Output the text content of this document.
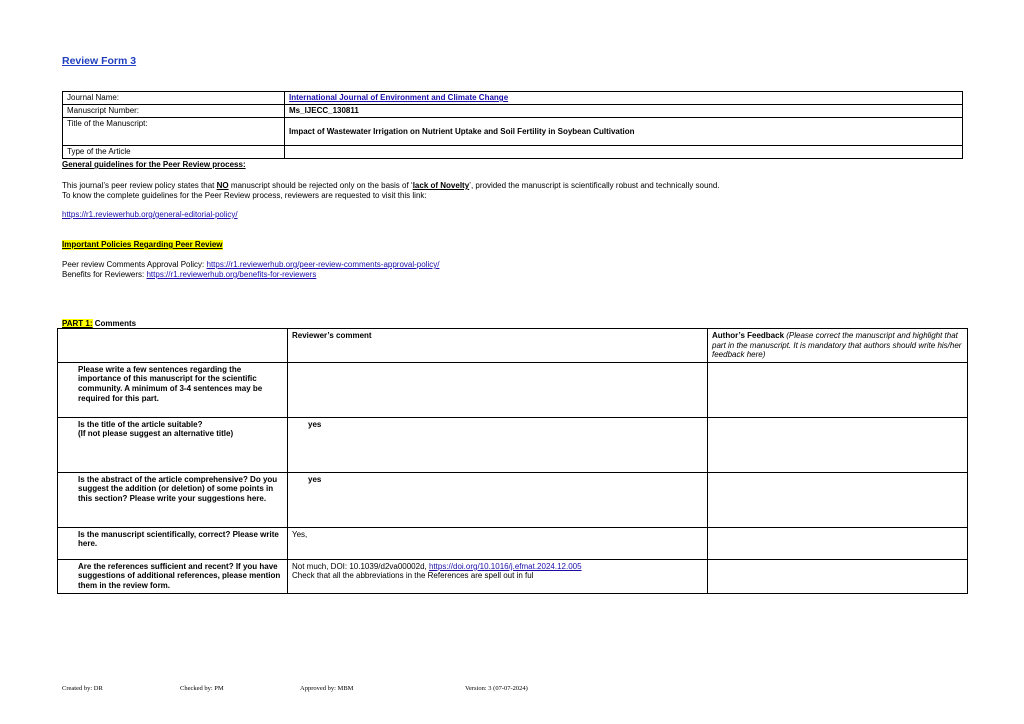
Review Form 3
Journal Name:	International Journal of Environment and Climate Change
Manuscript Number:	Ms_IJECC_130811
Title of the Manuscript:	Impact of Wastewater Irrigation on Nutrient Uptake and Soil Fertility in Soybean Cultivation
Type of the Article	
General guidelines for the Peer Review process:
This journal’s peer review policy states that NO manuscript should be rejected only on the basis of ‘lack of Novelty’, provided the manuscript is scientifically robust and technically sound.
To know the complete guidelines for the Peer Review process, reviewers are requested to visit this link:
https://r1.reviewerhub.org/general-editorial-policy/
Important Policies Regarding Peer Review
Peer review Comments Approval Policy: https://r1.reviewerhub.org/peer-review-comments-approval-policy/
Benefits for Reviewers: https://r1.reviewerhub.org/benefits-for-reviewers
PART 1: Comments
	Reviewer’s comment	Author’s Feedback (Please correct the manuscript and highlight that part in the manuscript. It is mandatory that authors should write his/her feedback here)
Please write a few sentences regarding the importance of this manuscript for the scientific community. A minimum of 3-4 sentences may be required for this part.		
Is the title of the article suitable?
(If not please suggest an alternative title)	yes	
Is the abstract of the article comprehensive? Do you suggest the addition (or deletion) of some points in this section? Please write your suggestions here.	yes	
Is the manuscript scientifically, correct? Please write here.	Yes,	
Are the references sufficient and recent? If you have suggestions of additional references, please mention them in the review form.	Not much, DOI: 10.1039/d2va00002d, https://doi.org/10.1016/j.efmat.2024.12.005
Check that all the abbreviations in the References are spell out in ful	
Created by: DR	Checked by: PM	Approved by: MBM	Version: 3 (07-07-2024)
